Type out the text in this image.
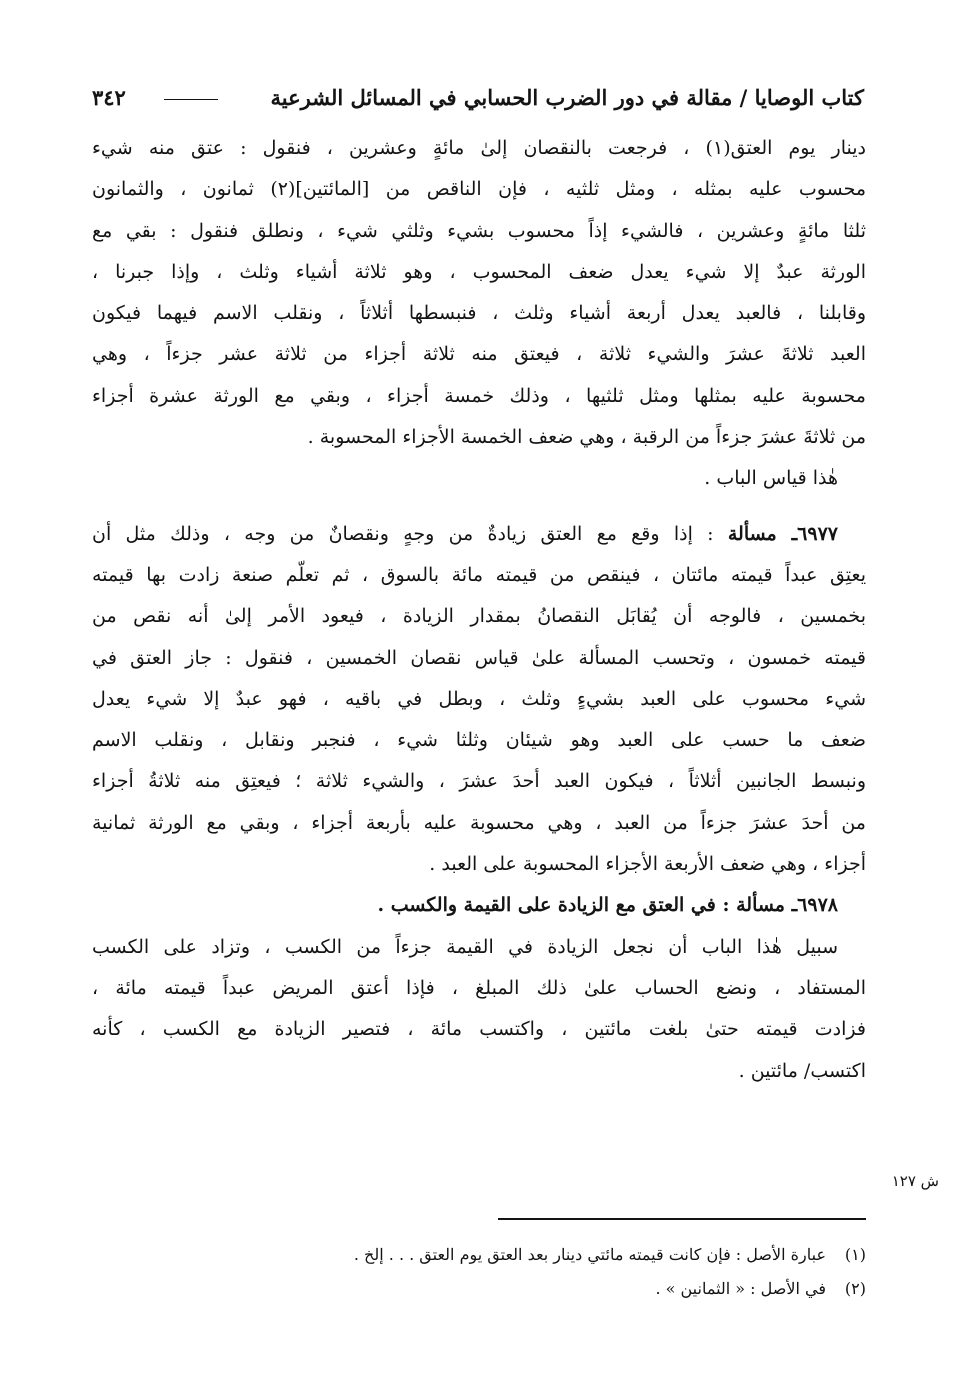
كتاب الوصايا / مقالة في دور الضرب الحسابي في المسائل الشرعية
٣٤٢
دينار يوم العتق(١) ، فرجعت بالنقصان إلىٰ مائةٍ وعشرين ، فنقول : عتق منه شيء
محسوب عليه بمثله ، ومثل ثلثيه ، فإن الناقص من [المائتين](٢) ثمانون ، والثمانون
ثلثا مائةٍ وعشرين ، فالشيء إذاً محسوب بشيء وثلثي شيء ، ونطلق فنقول : بقي مع
الورثة عبدٌ إلا شيء يعدل ضعف المحسوب ، وهو ثلاثة أشياء وثلث ، وإذا جبرنا ،
وقابلنا ، فالعبد يعدل أربعة أشياء وثلث ، فنبسطها أثلاثاً ، ونقلب الاسم فيهما فيكون
العبد ثلاثةَ عشرَ والشيء ثلاثة ، فيعتق منه ثلاثة أجزاء من ثلاثة عشر جزءاً ، وهي
محسوبة عليه بمثلها ومثل ثلثيها ، وذلك خمسة أجزاء ، وبقي مع الورثة عشرة أجزاء
من ثلاثةَ عشرَ جزءاً من الرقبة ، وهي ضعف الخمسة الأجزاء المحسوبة .
هٰذا قياس الباب .
٦٩٧٧ـ مسألة : إذا وقع مع العتق زيادةٌ من وجهٍ ونقصانٌ من وجه ، وذلك مثل أن
يعتِق عبداً قيمته مائتان ، فينقص من قيمته مائة بالسوق ، ثم تعلّم صنعة زادت بها قيمته
بخمسين ، فالوجه أن يُقابَل النقصانُ بمقدار الزيادة ، فيعود الأمر إلىٰ أنه نقص من
قيمته خمسون ، وتحسب المسألة علىٰ قياس نقصان الخمسين ، فنقول : جاز العتق في
شيء محسوب على العبد بشيءٍ وثلث ، وبطل في باقيه ، فهو عبدٌ إلا شيء يعدل
ضعف ما حسب على العبد وهو شيئان وثلثا شيء ، فنجبر ونقابل ، ونقلب الاسم
ونبسط الجانبين أثلاثاً ، فيكون العبد أحدَ عشرَ ، والشيء ثلاثة ؛ فيعتِق منه ثلاثةُ أجزاء
من أحدَ عشرَ جزءاً من العبد ، وهي محسوبة عليه بأربعة أجزاء ، وبقي مع الورثة ثمانية
أجزاء ، وهي ضعف الأربعة الأجزاء المحسوبة على العبد .
٦٩٧٨ـ مسألة : في العتق مع الزيادة على القيمة والكسب .
سبيل هٰذا الباب أن نجعل الزيادة في القيمة جزءاً من الكسب ، وتزاد على الكسب
المستفاد ، ونضع الحساب علىٰ ذلك المبلغ ، فإذا أعتق المريض عبداً قيمته مائة ،
فزادت قيمته حتىٰ بلغت مائتين ، واكتسب مائة ، فتصير الزيادة مع الكسب ، كأنه
اكتسب/ مائتين .
ش ١٢٧
(١)عبارة الأصل : فإن كانت قيمته مائتي دينار بعد العتق يوم العتق . . . إلخ .
(٢)في الأصل : « الثمانين » .
